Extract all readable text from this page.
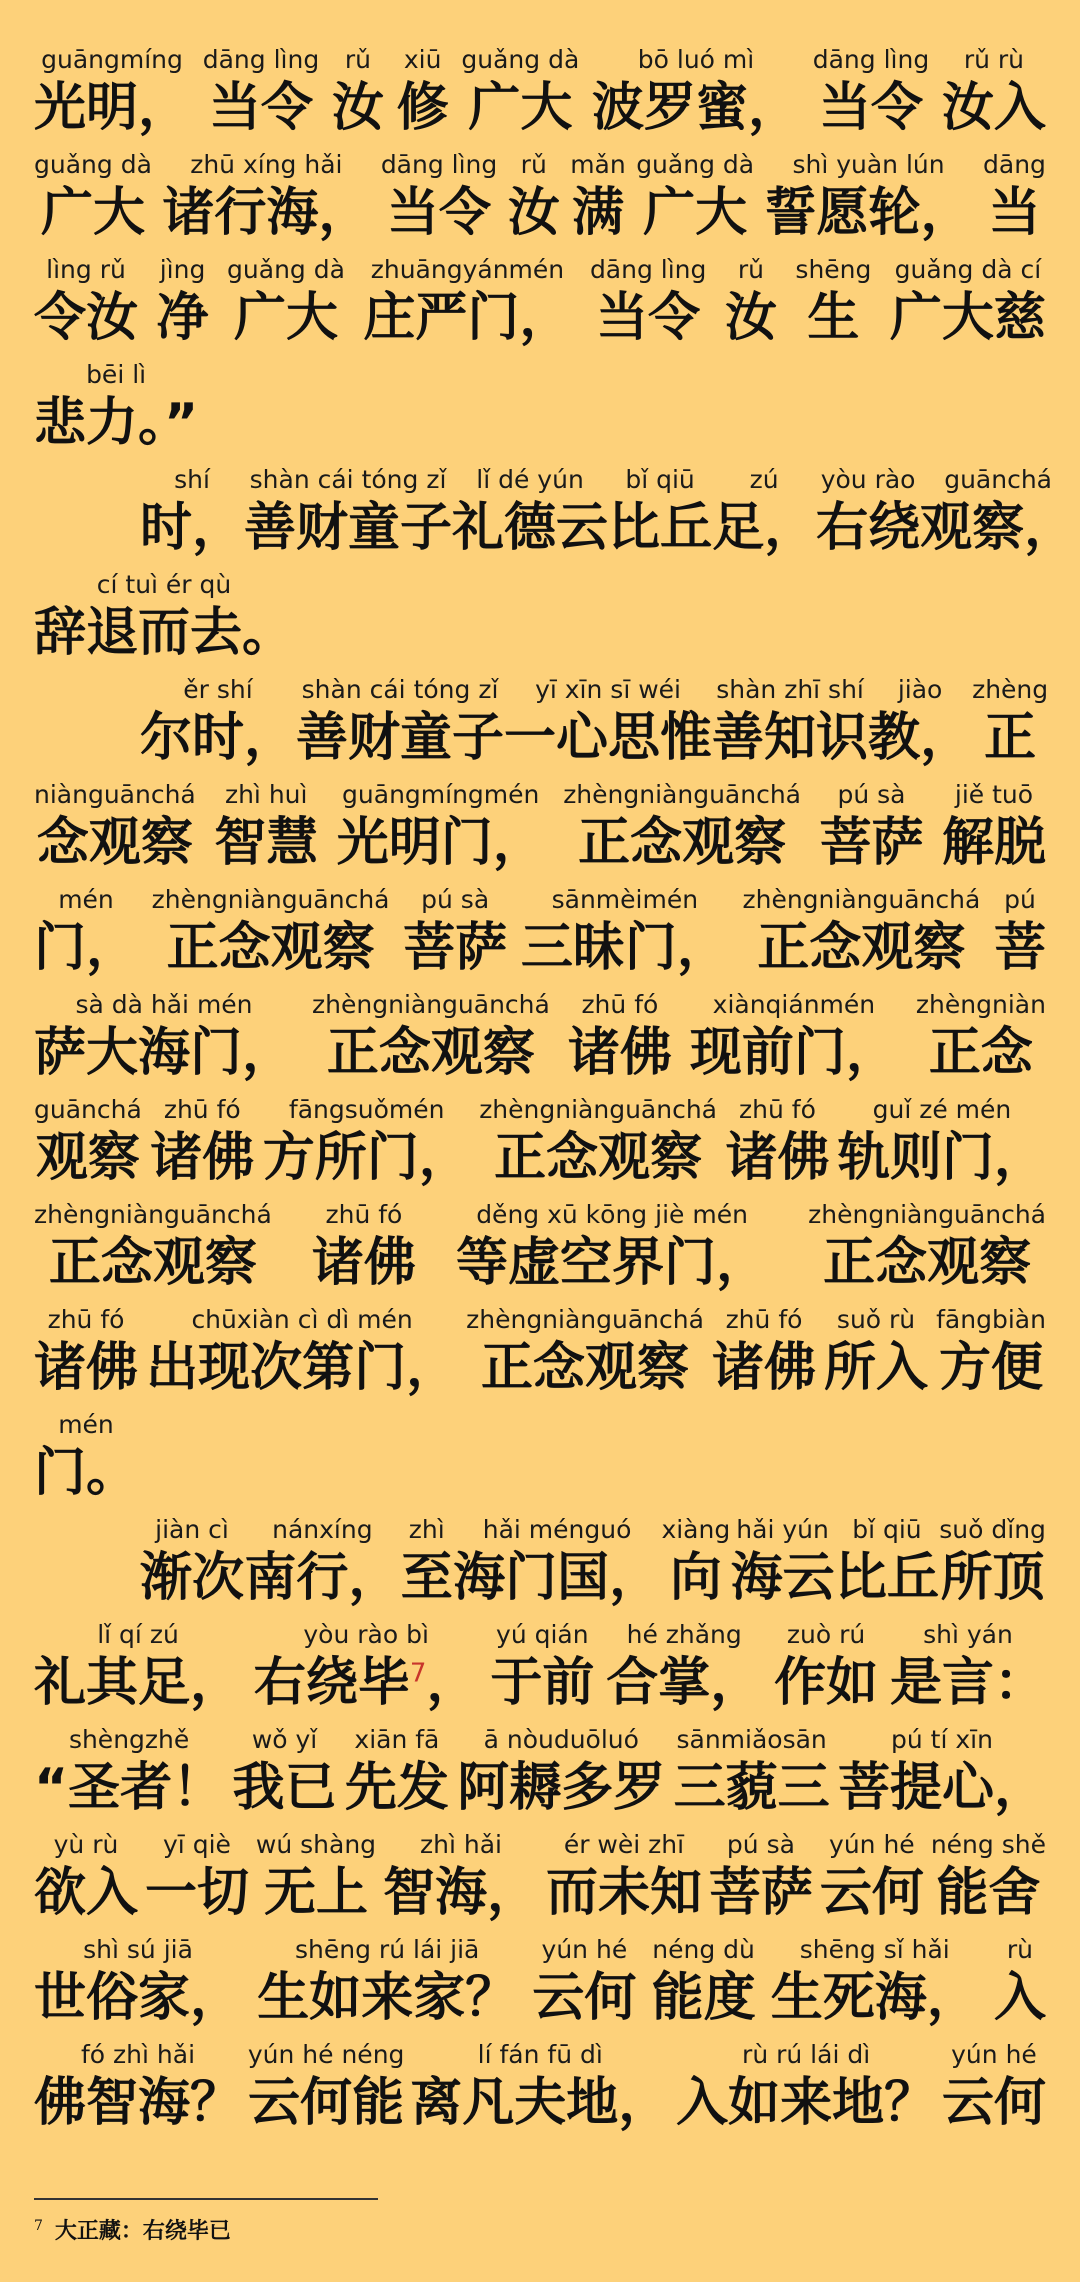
guāngmíng
光明，
dāng lìng
当令
rǔ
汝
xiū
修
guǎng dà
广大
bō luó mì
波罗蜜，
dāng lìng
当令
rǔ rù
汝入
guǎng dà
广大
zhū xíng hǎi
诸行海，
dāng lìng
当令
rǔ
汝
mǎn
满
guǎng dà
广大
shì yuàn lún
誓愿轮，
dāng
当
lìng rǔ
令汝
jìng
净
guǎng dà
广大
zhuāngyánmén
庄严门，
dāng lìng
当令
rǔ
汝
shēng
生
guǎng dà cí
广大慈
bēi lì
悲力。”
shí
时，
shàn cái tóng zǐ
善财童子
lǐ dé yún
礼德云
bǐ qiū
比丘
zú
足，
yòu rào
右绕
guānchá
观察，
cí tuì ér qù
辞退而去。
ěr shí
尔时，
shàn cái tóng zǐ
善财童子
yī xīn sī wéi
一心思惟
shàn zhī shí
善知识
jiào
教，
zhèng
正
niànguānchá
念观察
zhì huì
智慧
guāngmíngmén
光明门，
zhèngniànguānchá
正念观察
pú sà
菩萨
jiě tuō
解脱
mén
门，
zhèngniànguānchá
正念观察
pú sà
菩萨
sānmèimén
三昧门，
zhèngniànguānchá
正念观察
pú
菩
sà dà hǎi mén
萨大海门，
zhèngniànguānchá
正念观察
zhū fó
诸佛
xiànqiánmén
现前门，
zhèngniàn
正念
guānchá
观察
zhū fó
诸佛
fāngsuǒmén
方所门，
zhèngniànguānchá
正念观察
zhū fó
诸佛
guǐ zé mén
轨则门，
zhèngniànguānchá
正念观察
zhū fó
诸佛
děng xū kōng jiè mén
等虚空界门，
zhèngniànguānchá
正念观察
zhū fó
诸佛
chūxiàn cì dì mén
出现次第门，
zhèngniànguānchá
正念观察
zhū fó
诸佛
suǒ rù
所入
fāngbiàn
方便
mén
门。
jiàn cì
渐次
nánxíng
南行，
zhì
至
hǎi ménguó
海门国，
xiàng
向
hǎi yún
海云
bǐ qiū
比丘
suǒ dǐng
所顶
lǐ qí zú
礼其足，
yòu rào bì
右绕毕$^7$，
yú qián
于前
hé zhǎng
合掌，
zuò rú
作如
shì yán
是言：
shèngzhě
“圣者！
wǒ yǐ
我已
xiān fā
先发
ā nòuduōluó
阿耨多罗
sānmiǎosān
三藐三
pú tí xīn
菩提心，
yù rù
欲入
yī qiè
一切
wú shàng
无上
zhì hǎi
智海，
ér wèi zhī
而未知
pú sà
菩萨
yún hé
云何
néng shě
能舍
shì sú jiā
世俗家，
shēng rú lái jiā
生如来家？
yún hé
云何
néng dù
能度
shēng sǐ hǎi
生死海，
rù
入
fó zhì hǎi
佛智海？
yún hé néng
云何能
lí fán fū dì
离凡夫地，
rù rú lái dì
入如来地？
yún hé
云何
$^7$ 大正藏：右绕毕已
